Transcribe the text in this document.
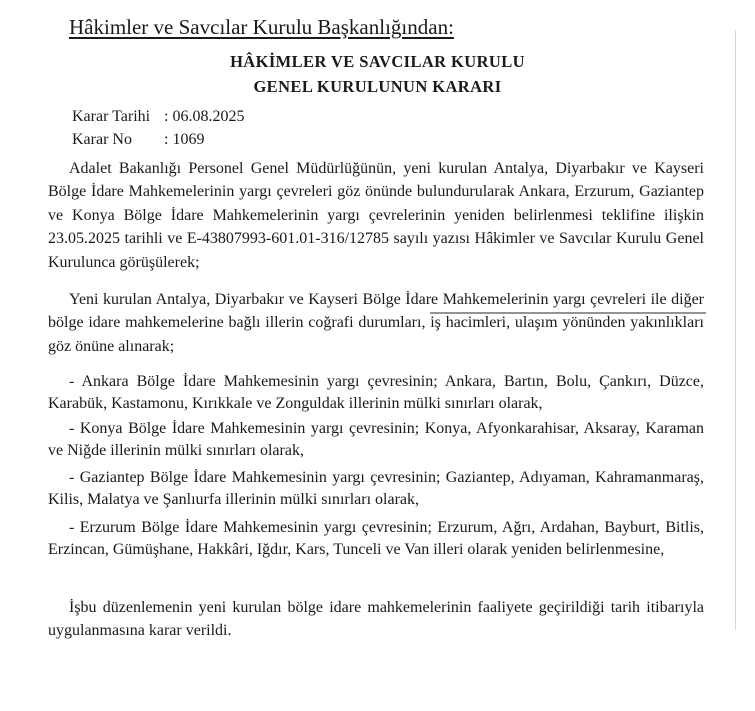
Hâkimler ve Savcılar Kurulu Başkanlığından:
HÂKİMLER VE SAVCILAR KURULU
GENEL KURULUNUN KARARI
Karar Tarihi : 06.08.2025
Karar No : 1069

Adalet Bakanlığı Personel Genel Müdürlüğünün, yeni kurulan Antalya, Diyarbakır ve Kayseri Bölge İdare Mahkemelerinin yargı çevreleri göz önünde bulundurularak Ankara, Erzurum, Gaziantep ve Konya Bölge İdare Mahkemelerinin yargı çevrelerinin yeniden belirlenmesi teklifine ilişkin 23.05.2025 tarihli ve E-43807993-601.01-316/12785 sayılı yazısı Hâkimler ve Savcılar Kurulu Genel Kurulunca görüşülerek;

Yeni kurulan Antalya, Diyarbakır ve Kayseri Bölge İdare Mahkemelerinin yargı çevreleri ile diğer bölge idare mahkemelerine bağlı illerin coğrafi durumları, iş hacimleri, ulaşım yönünden yakınlıkları göz önüne alınarak;

- Ankara Bölge İdare Mahkemesinin yargı çevresinin; Ankara, Bartın, Bolu, Çankırı, Düzce, Karabük, Kastamonu, Kırıkkale ve Zonguldak illerinin mülki sınırları olarak,

- Konya Bölge İdare Mahkemesinin yargı çevresinin; Konya, Afyonkarahisar, Aksaray, Karaman ve Niğde illerinin mülki sınırları olarak,

- Gaziantep Bölge İdare Mahkemesinin yargı çevresinin; Gaziantep, Adıyaman, Kahramanmaraş, Kilis, Malatya ve Şanlıurfa illerinin mülki sınırları olarak,

- Erzurum Bölge İdare Mahkemesinin yargı çevresinin; Erzurum, Ağrı, Ardahan, Bayburt, Bitlis, Erzincan, Gümüşhane, Hakkâri, Iğdır, Kars, Tunceli ve Van illeri olarak yeniden belirlenmesine,

İşbu düzenlemenin yeni kurulan bölge idare mahkemelerinin faaliyete geçirildiği tarih itibarıyla uygulanmasına karar verildi.
